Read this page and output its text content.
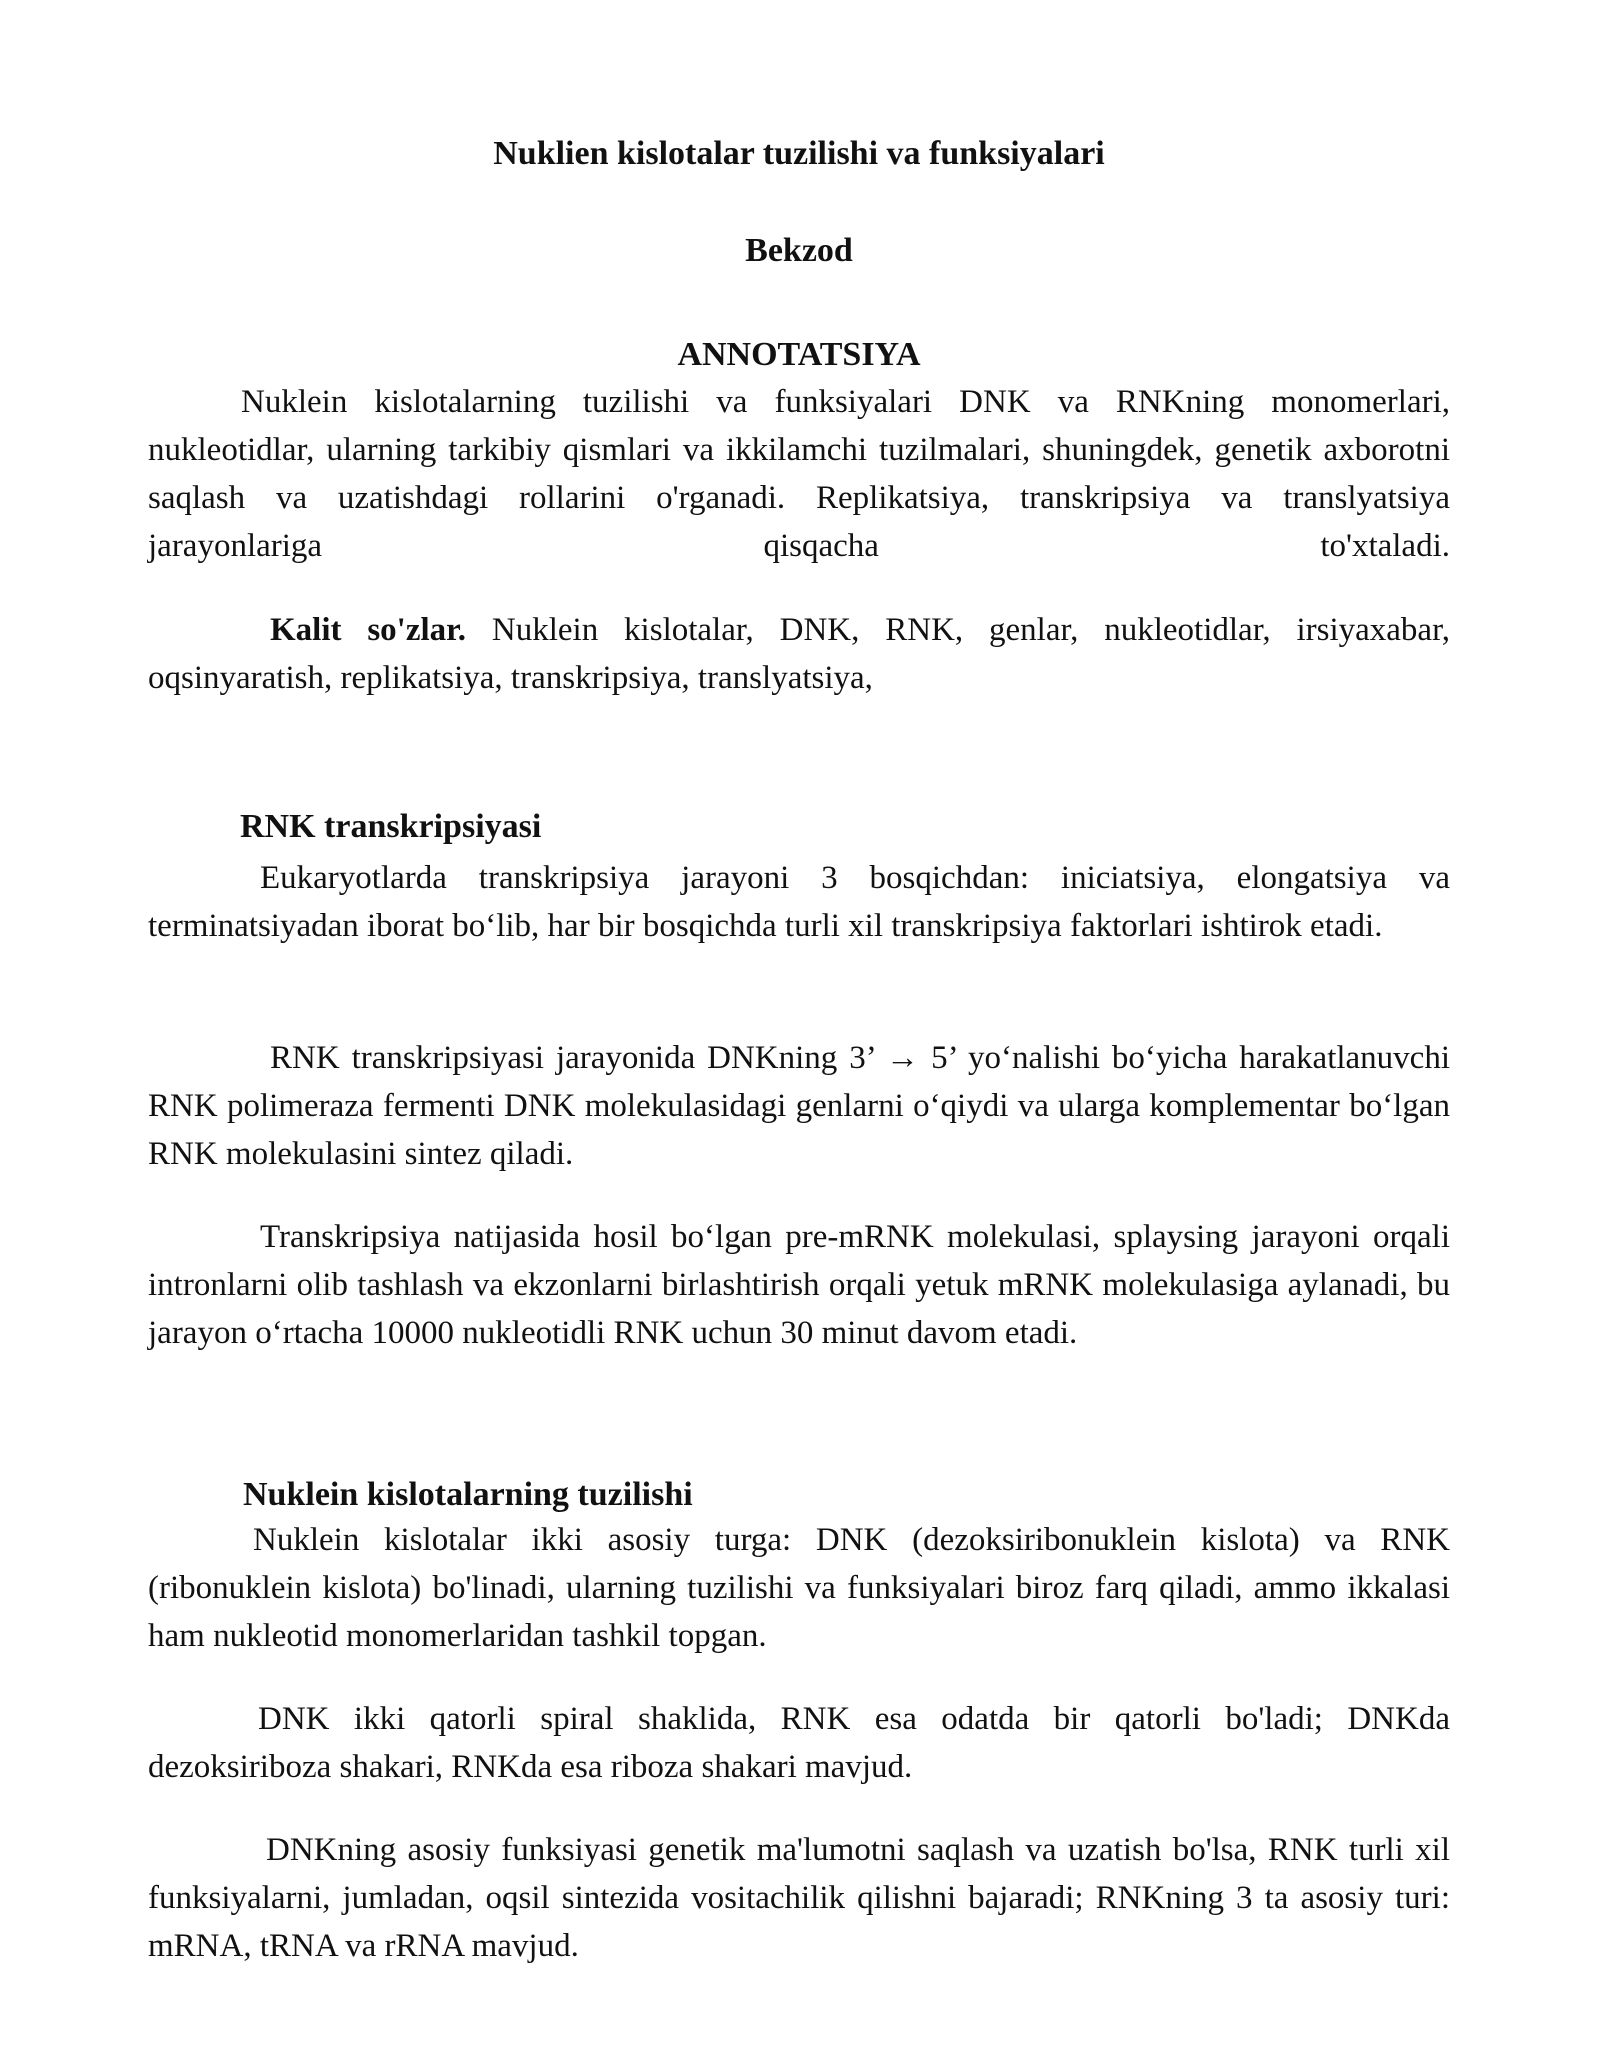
Nuklien kislotalar tuzilishi va funksiyalari
Bekzod
ANNOTATSIYA

Nuklein kislotalarning tuzilishi va funksiyalari DNK va RNKning monomerlari, nukleotidlar, ularning tarkibiy qismlari va ikkilamchi tuzilmalari, shuningdek, genetik axborotni saqlash va uzatishdagi rollarini o'rganadi. Replikatsiya, transkripsiya va translyatsiya jarayonlariga qisqacha to'xtaladi.

Kalit so'zlar. Nuklein kislotalar, DNK, RNK, genlar, nukleotidlar, irsiyaxabar, oqsinyaratish, replikatsiya, transkripsiya, translyatsiya,

RNK transkripsiyasi

Eukaryotlarda transkripsiya jarayoni 3 bosqichdan: iniciatsiya, elongatsiya va terminatsiyadan iborat bo‘lib, har bir bosqichda turli xil transkripsiya faktorlari ishtirok etadi.

RNK transkripsiyasi jarayonida DNKning 3’ → 5’ yo‘nalishi bo‘yicha harakatlanuvchi RNK polimeraza fermenti DNK molekulasidagi genlarni o‘qiydi va ularga komplementar bo‘lgan RNK molekulasini sintez qiladi.

Transkripsiya natijasida hosil bo‘lgan pre-mRNK molekulasi, splaysing jarayoni orqali intronlarni olib tashlash va ekzonlarni birlashtirish orqali yetuk mRNK molekulasiga aylanadi, bu jarayon o‘rtacha 10000 nukleotidli RNK uchun 30 minut davom etadi.

Nuklein kislotalarning tuzilishi

Nuklein kislotalar ikki asosiy turga: DNK (dezoksiribonuklein kislota) va RNK (ribonuklein kislota) bo'linadi, ularning tuzilishi va funksiyalari biroz farq qiladi, ammo ikkalasi ham nukleotid monomerlaridan tashkil topgan.

DNK ikki qatorli spiral shaklida, RNK esa odatda bir qatorli bo'ladi; DNKda dezoksiriboza shakari, RNKda esa riboza shakari mavjud.

DNKning asosiy funksiyasi genetik ma'lumotni saqlash va uzatish bo'lsa, RNK turli xil funksiyalarni, jumladan, oqsil sintezida vositachilik qilishni bajaradi; RNKning 3 ta asosiy turi: mRNA, tRNA va rRNA mavjud.
